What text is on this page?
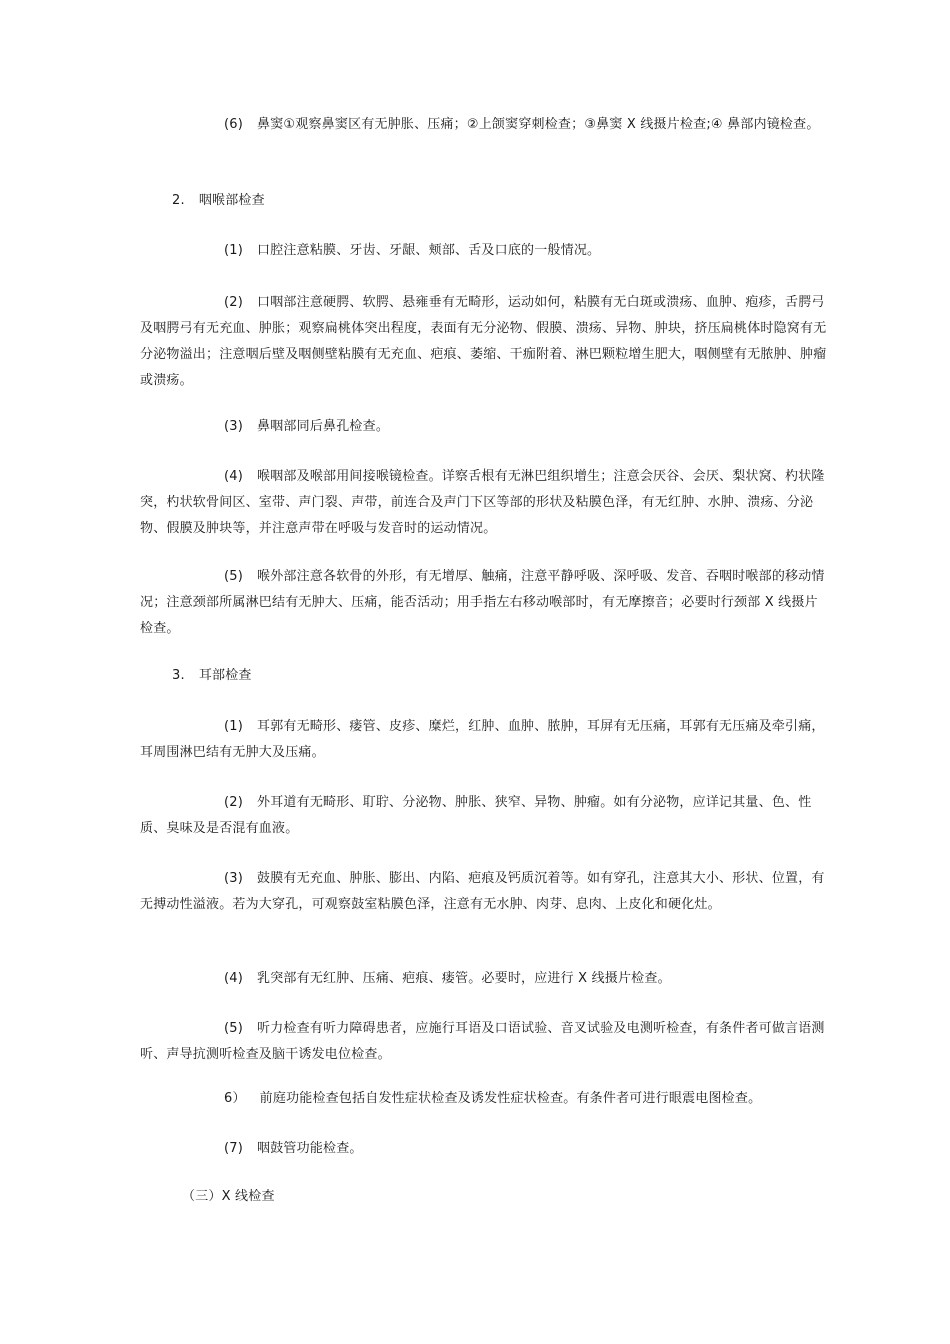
(6) 鼻窦①观察鼻窦区有无肿胀、压痛；②上颌窦穿刺检查；③鼻窦 X 线摄片检查;④ 鼻部内镜检查。
2. 咽喉部检查
(1) 口腔注意粘膜、牙齿、牙龈、颊部、舌及口底的一般情况。
(2) 口咽部注意硬腭、软腭、悬雍垂有无畸形，运动如何，粘膜有无白斑或溃疡、血肿、疱疹，舌腭弓及咽腭弓有无充血、肿胀；观察扁桃体突出程度，表面有无分泌物、假膜、溃疡、异物、肿块，挤压扁桃体时隐窝有无分泌物溢出；注意咽后壁及咽侧壁粘膜有无充血、疤痕、萎缩、干痂附着、淋巴颗粒增生肥大，咽侧壁有无脓肿、肿瘤或溃疡。
(3) 鼻咽部同后鼻孔检查。
(4) 喉咽部及喉部用间接喉镜检查。详察舌根有无淋巴组织增生；注意会厌谷、会厌、梨状窝、杓状隆突，杓状软骨间区、室带、声门裂、声带，前连合及声门下区等部的形状及粘膜色泽，有无红肿、水肿、溃疡、分泌物、假膜及肿块等，并注意声带在呼吸与发音时的运动情况。
(5) 喉外部注意各软骨的外形，有无增厚、触痛，注意平静呼吸、深呼吸、发音、吞咽时喉部的移动情况；注意颈部所属淋巴结有无肿大、压痛，能否活动；用手指左右移动喉部时，有无摩擦音；必要时行颈部 X 线摄片检查。
3. 耳部检查
(1) 耳郭有无畸形、瘘管、皮疹、糜烂，红肿、血肿、脓肿，耳屏有无压痛，耳郭有无压痛及牵引痛，耳周围淋巴结有无肿大及压痛。
(2) 外耳道有无畸形、耵聍、分泌物、肿胀、狭窄、异物、肿瘤。如有分泌物，应详记其量、色、性质、臭味及是否混有血液。
(3) 鼓膜有无充血、肿胀、膨出、内陷、疤痕及钙质沉着等。如有穿孔，注意其大小、形状、位置，有无搏动性溢液。若为大穿孔，可观察鼓室粘膜色泽，注意有无水肿、肉芽、息肉、上皮化和硬化灶。
(4) 乳突部有无红肿、压痛、疤痕、瘘管。必要时，应进行 X 线摄片检查。
(5) 听力检查有听力障碍患者，应施行耳语及口语试验、音叉试验及电测听检查，有条件者可做言语测听、声导抗测听检查及脑干诱发电位检查。
6） 前庭功能检查包括自发性症状检查及诱发性症状检查。有条件者可进行眼震电图检查。
(7) 咽鼓管功能检查。
（三）X 线检查
